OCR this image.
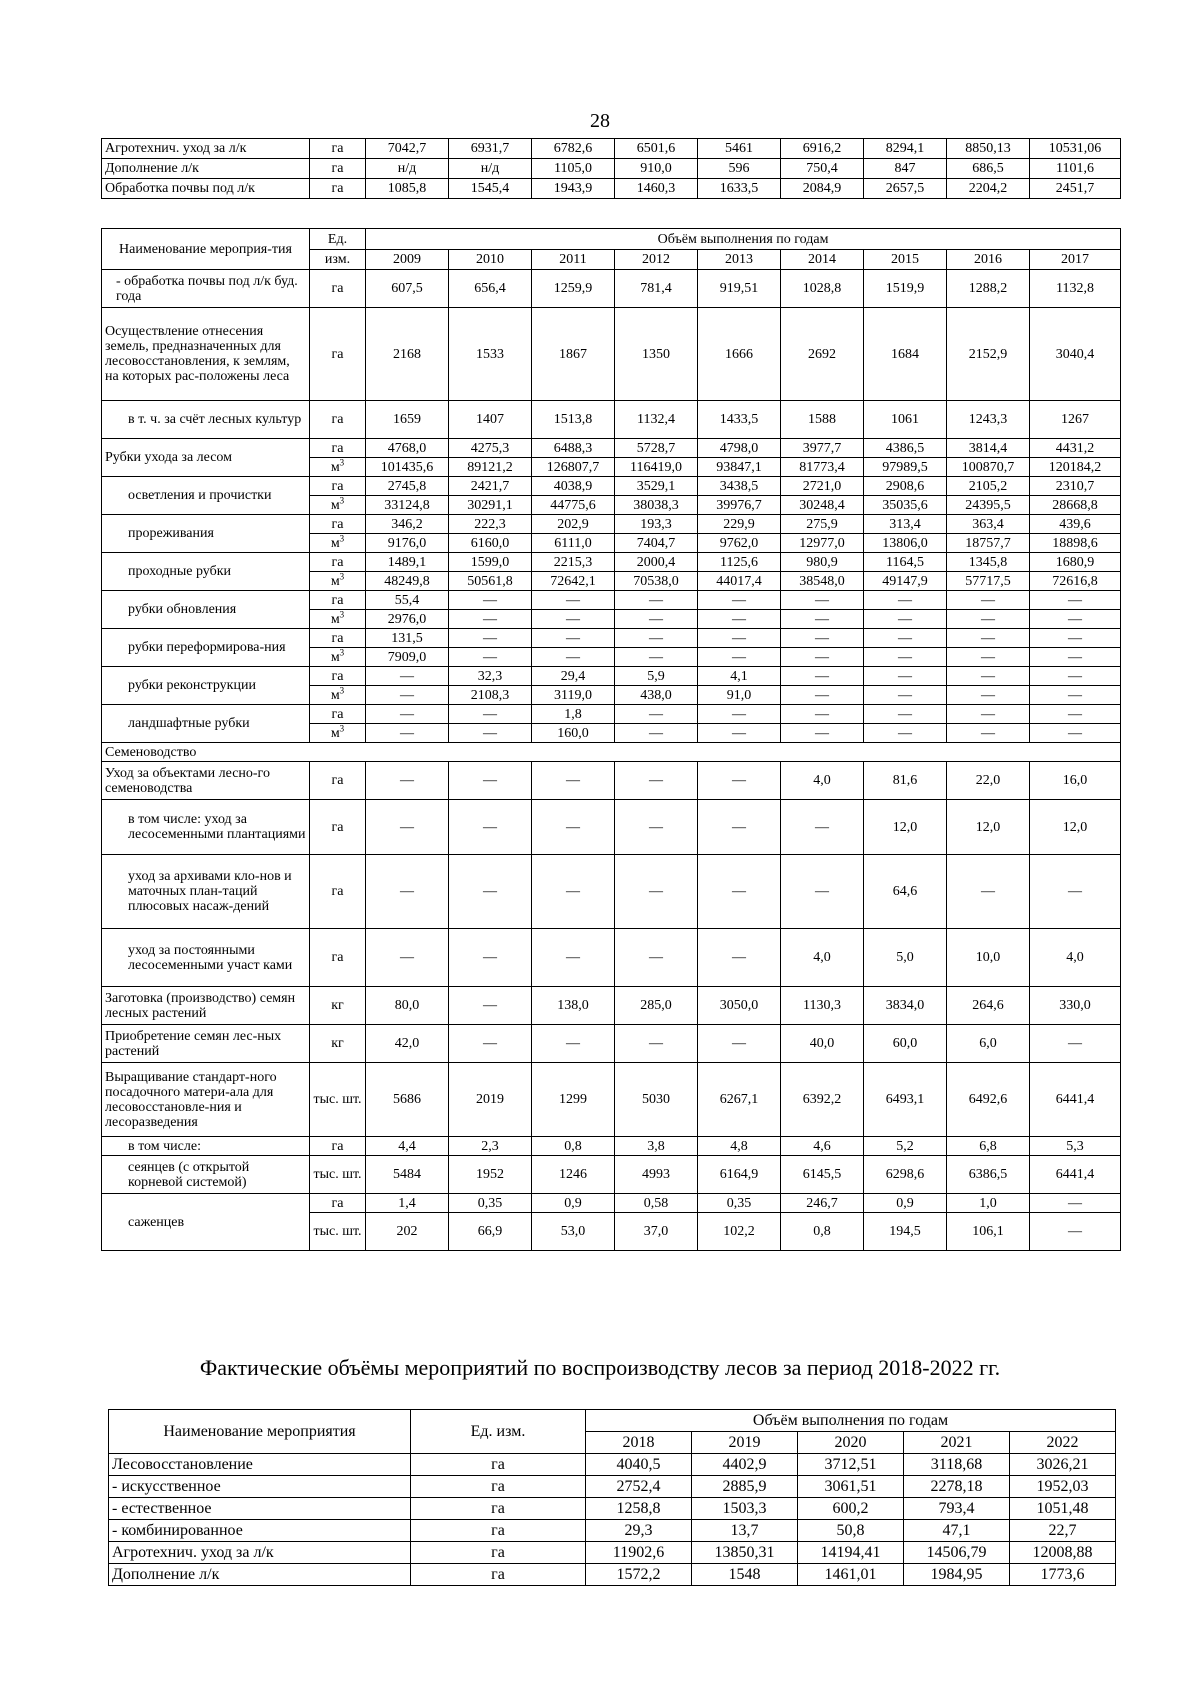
28
Агротехнич. уход за л/к	га	7042,7	6931,7	6782,6	6501,6	5461	6916,2	8294,1	8850,13	10531,06
Дополнение л/к	га	н/д	н/д	1105,0	910,0	596	750,4	847	686,5	1101,6
Обработка почвы под л/к	га	1085,8	1545,4	1943,9	1460,3	1633,5	2084,9	2657,5	2204,2	2451,7
Наименование мероприя-тия	Ед.	Объём выполнения по годам								
	изм.	2009	2010	2011	2012	2013	2014	2015	2016	2017
- обработка почвы под л/к буд. года	га	607,5	656,4	1259,9	781,4	919,51	1028,8	1519,9	1288,2	1132,8
Осуществление отнесения земель, предназначенных для лесовосстановления, к землям, на которых рас-положены леса	га	2168	1533	1867	1350	1666	2692	1684	2152,9	3040,4
в т. ч. за счёт лесных культур	га	1659	1407	1513,8	1132,4	1433,5	1588	1061	1243,3	1267
Рубки ухода за лесом	га	4768,0	4275,3	6488,3	5728,7	4798,0	3977,7	4386,5	3814,4	4431,2
	$м^3$	101435,6	89121,2	126807,7	116419,0	93847,1	81773,4	97989,5	100870,7	120184,2
осветления и прочистки	га	2745,8	2421,7	4038,9	3529,1	3438,5	2721,0	2908,6	2105,2	2310,7
	$м^3$	33124,8	30291,1	44775,6	38038,3	39976,7	30248,4	35035,6	24395,5	28668,8
прореживания	га	346,2	222,3	202,9	193,3	229,9	275,9	313,4	363,4	439,6
	$м^3$	9176,0	6160,0	6111,0	7404,7	9762,0	12977,0	13806,0	18757,7	18898,6
проходные рубки	га	1489,1	1599,0	2215,3	2000,4	1125,6	980,9	1164,5	1345,8	1680,9
	$м^3$	48249,8	50561,8	72642,1	70538,0	44017,4	38548,0	49147,9	57717,5	72616,8
рубки обновления	га	55,4	—	—	—	—	—	—	—	—
	$м^3$	2976,0	—	—	—	—	—	—	—	—
рубки переформирова-ния	га	131,5	—	—	—	—	—	—	—	—
	$м^3$	7909,0	—	—	—	—	—	—	—	—
рубки реконструкции	га	—	32,3	29,4	5,9	4,1	—	—	—	—
	$м^3$	—	2108,3	3119,0	438,0	91,0	—	—	—	—
ландшафтные рубки	га	—	—	1,8	—	—	—	—	—	—
	$м^3$	—	—	160,0	—	—	—	—	—	—
Семеноводство										
Уход за объектами лесно-го семеноводства	га	—	—	—	—	—	4,0	81,6	22,0	16,0
в том числе: уход за лесосеменными плантациями	га	—	—	—	—	—	—	12,0	12,0	12,0
уход за архивами кло-нов и маточных план-таций плюсовых насаж-дений	га	—	—	—	—	—	—	64,6	—	—
уход за постоянными лесосеменными участ ками	га	—	—	—	—	—	4,0	5,0	10,0	4,0
Заготовка (производство) семян лесных растений	кг	80,0	—	138,0	285,0	3050,0	1130,3	3834,0	264,6	330,0
Приобретение семян лес-ных растений	кг	42,0	—	—	—	—	40,0	60,0	6,0	—
Выращивание стандарт-ного посадочного матери-ала для лесовосстановле-ния и лесоразведения	тыс. шт.	5686	2019	1299	5030	6267,1	6392,2	6493,1	6492,6	6441,4
в том числе:	га	4,4	2,3	0,8	3,8	4,8	4,6	5,2	6,8	5,3
сеянцев (с открытой корневой системой)	тыс. шт.	5484	1952	1246	4993	6164,9	6145,5	6298,6	6386,5	6441,4
саженцев	га	1,4	0,35	0,9	0,58	0,35	246,7	0,9	1,0	—
	тыс. шт.	202	66,9	53,0	37,0	102,2	0,8	194,5	106,1	—
Фактические объёмы мероприятий по воспроизводству лесов за период 2018-2022 гг.
Наименование мероприятия	Ед. изм.	Объём выполнения по годам				
		2018	2019	2020	2021	2022
Лесовосстановление	га	4040,5	4402,9	3712,51	3118,68	3026,21
- искусственное	га	2752,4	2885,9	3061,51	2278,18	1952,03
- естественное	га	1258,8	1503,3	600,2	793,4	1051,48
- комбинированное	га	29,3	13,7	50,8	47,1	22,7
Агротехнич. уход за л/к	га	11902,6	13850,31	14194,41	14506,79	12008,88
Дополнение л/к	га	1572,2	1548	1461,01	1984,95	1773,6
